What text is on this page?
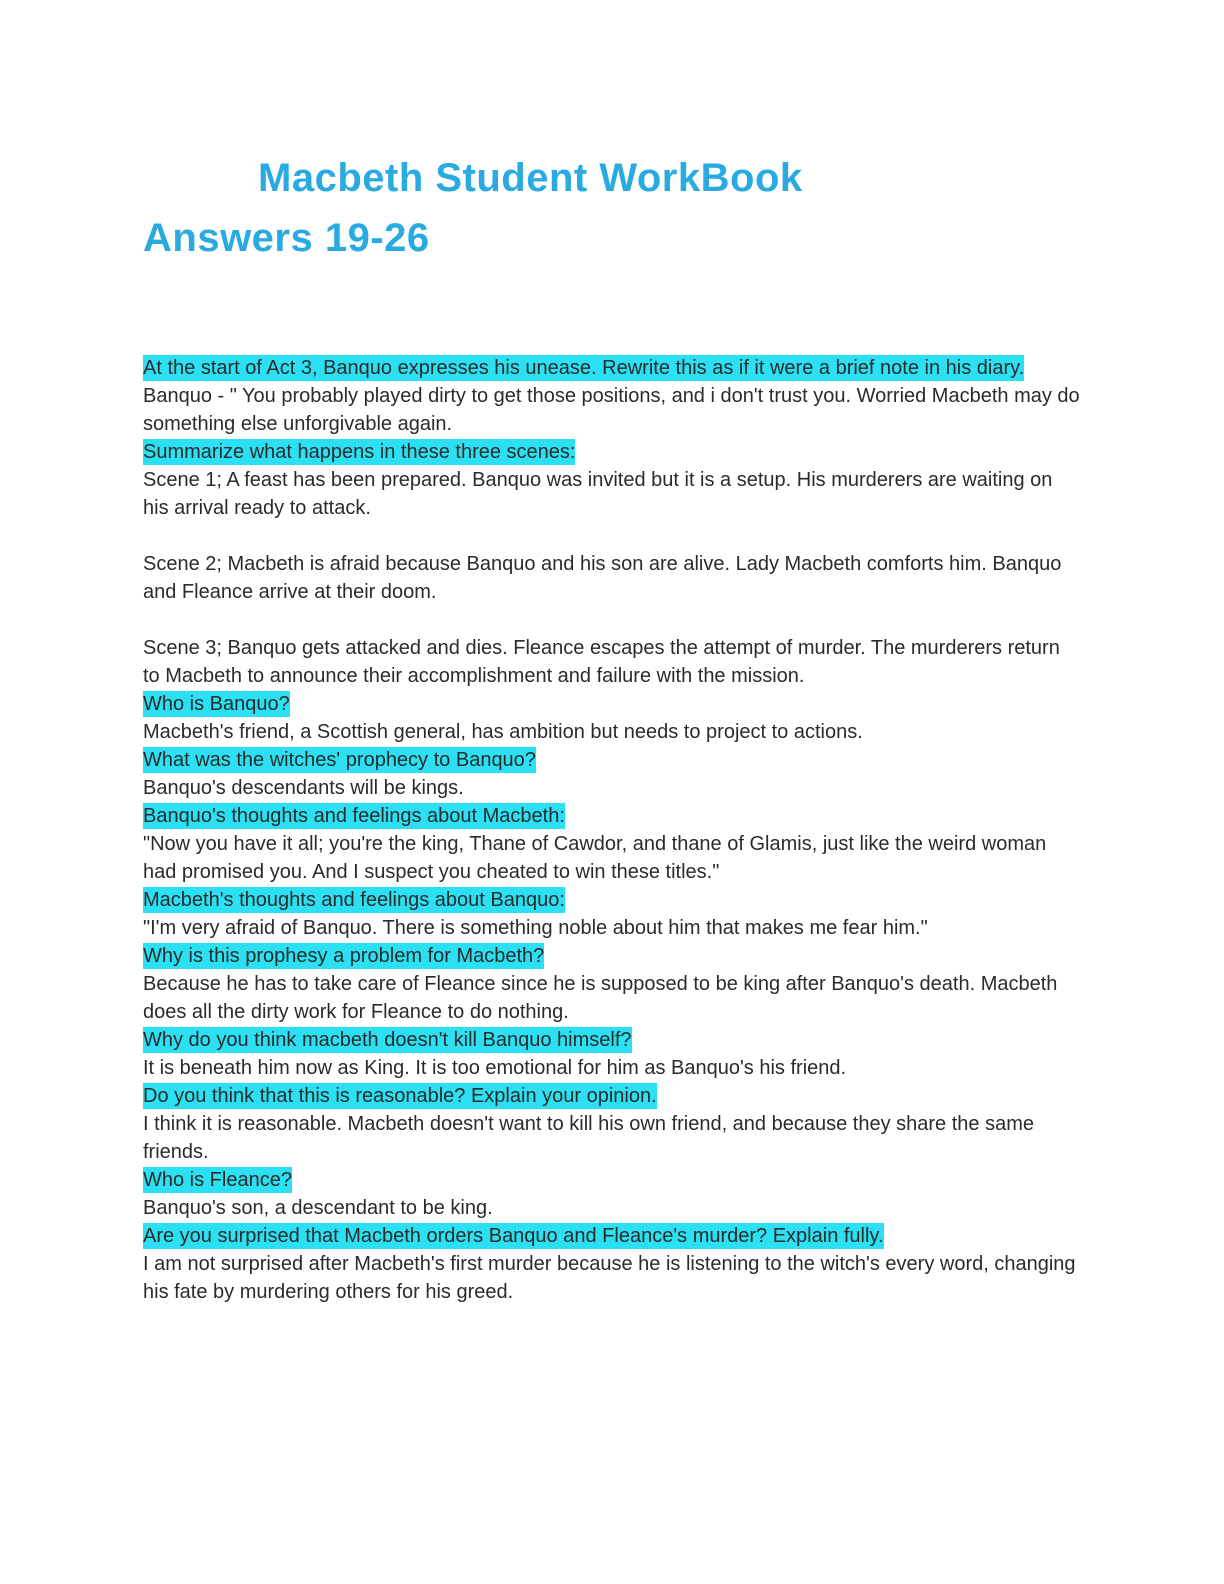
Macbeth Student WorkBook
Answers 19-26

At the start of Act 3, Banquo expresses his unease. Rewrite this as if it were a brief note in his diary.

Banquo - " You probably played dirty to get those positions, and i don't trust you. Worried Macbeth may do something else unforgivable again.

Summarize what happens in these three scenes:

Scene 1; A feast has been prepared. Banquo was invited but it is a setup. His murderers are waiting on his arrival ready to attack.

Scene 2; Macbeth is afraid because Banquo and his son are alive. Lady Macbeth comforts him. Banquo and Fleance arrive at their doom.

Scene 3; Banquo gets attacked and dies. Fleance escapes the attempt of murder. The murderers return to Macbeth to announce their accomplishment and failure with the mission.

Who is Banquo?

Macbeth's friend, a Scottish general, has ambition but needs to project to actions.

What was the witches' prophecy to Banquo?

Banquo's descendants will be kings.

Banquo's thoughts and feelings about Macbeth:

"Now you have it all; you're the king, Thane of Cawdor, and thane of Glamis, just like the weird woman had promised you. And I suspect you cheated to win these titles."

Macbeth's thoughts and feelings about Banquo:

"I'm very afraid of Banquo. There is something noble about him that makes me fear him."

Why is this prophesy a problem for Macbeth?

Because he has to take care of Fleance since he is supposed to be king after Banquo's death. Macbeth does all the dirty work for Fleance to do nothing.

Why do you think macbeth doesn't kill Banquo himself?

It is beneath him now as King. It is too emotional for him as Banquo's his friend.

Do you think that this is reasonable? Explain your opinion.

I think it is reasonable. Macbeth doesn't want to kill his own friend, and because they share the same friends.

Who is Fleance?

Banquo's son, a descendant to be king.

Are you surprised that Macbeth orders Banquo and Fleance's murder? Explain fully.

I am not surprised after Macbeth's first murder because he is listening to the witch's every word, changing his fate by murdering others for his greed.
